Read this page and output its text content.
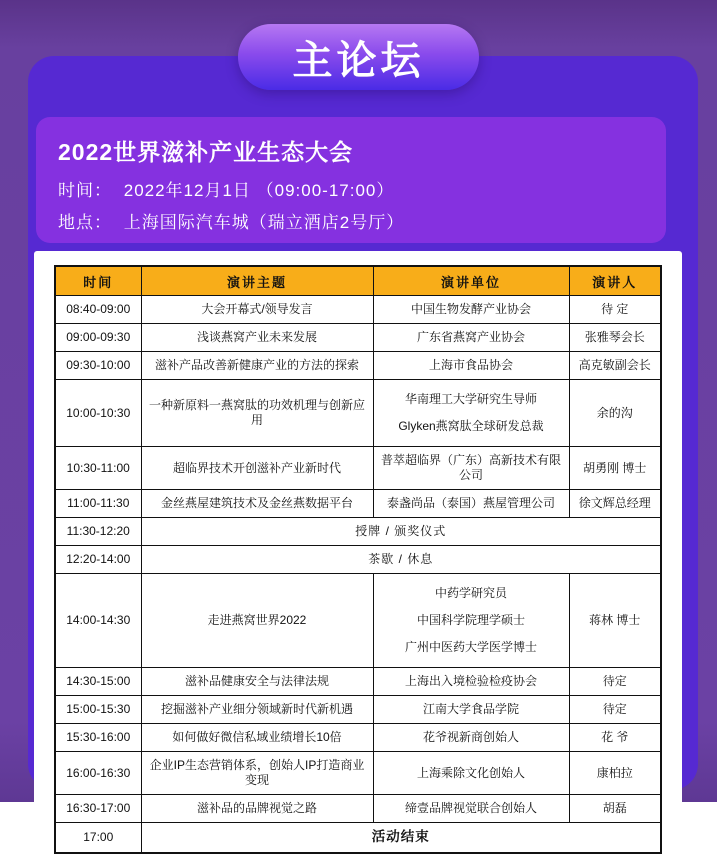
主论坛
2022世界滋补产业生态大会
时间： 2022年12月1日 （09:00-17:00）
地点： 上海国际汽车城（瑞立酒店2号厅）
时间	演讲主题	演讲单位	演讲人
08:40-09:00	大会开幕式/领导发言	中国生物发酵产业协会	待 定
09:00-09:30	浅谈燕窝产业未来发展	广东省燕窝产业协会	张雅琴会长
09:30-10:00	滋补产品改善新健康产业的方法的探索	上海市食品协会	高克敏副会长
10:00-10:30	一种新原料一燕窝肽的功效机理与创新应用	华南理工大学研究生导师
Glyken燕窝肽全球研发总裁	余的沟
10:30-11:00	超临界技术开创滋补产业新时代	普萃超临界（广东）高新技术有限公司	胡勇刚 博士
11:00-11:30	金丝燕屋建筑技术及金丝燕数据平台	泰盏尚品（泰国）燕屋管理公司	徐文辉总经理
11:30-12:20	授牌 / 颁奖仪式		
12:20-14:00	茶歇 / 休息		
14:00-14:30	走进燕窝世界2022	中药学研究员
中国科学院理学硕士
广州中医药大学医学博士	蒋林 博士
14:30-15:00	滋补品健康安全与法律法规	上海出入境检验检疫协会	待定
15:00-15:30	挖掘滋补产业细分领域新时代新机遇	江南大学食品学院	待定
15:30-16:00	如何做好微信私域业绩增长10倍	花爷视新商创始人	花 爷
16:00-16:30	企业IP生态营销体系，创始人IP打造商业变现	上海乘除文化创始人	康柏拉
16:30-17:00	滋补品的品牌视觉之路	缔壹品牌视觉联合创始人	胡磊
17:00	活动结束		
